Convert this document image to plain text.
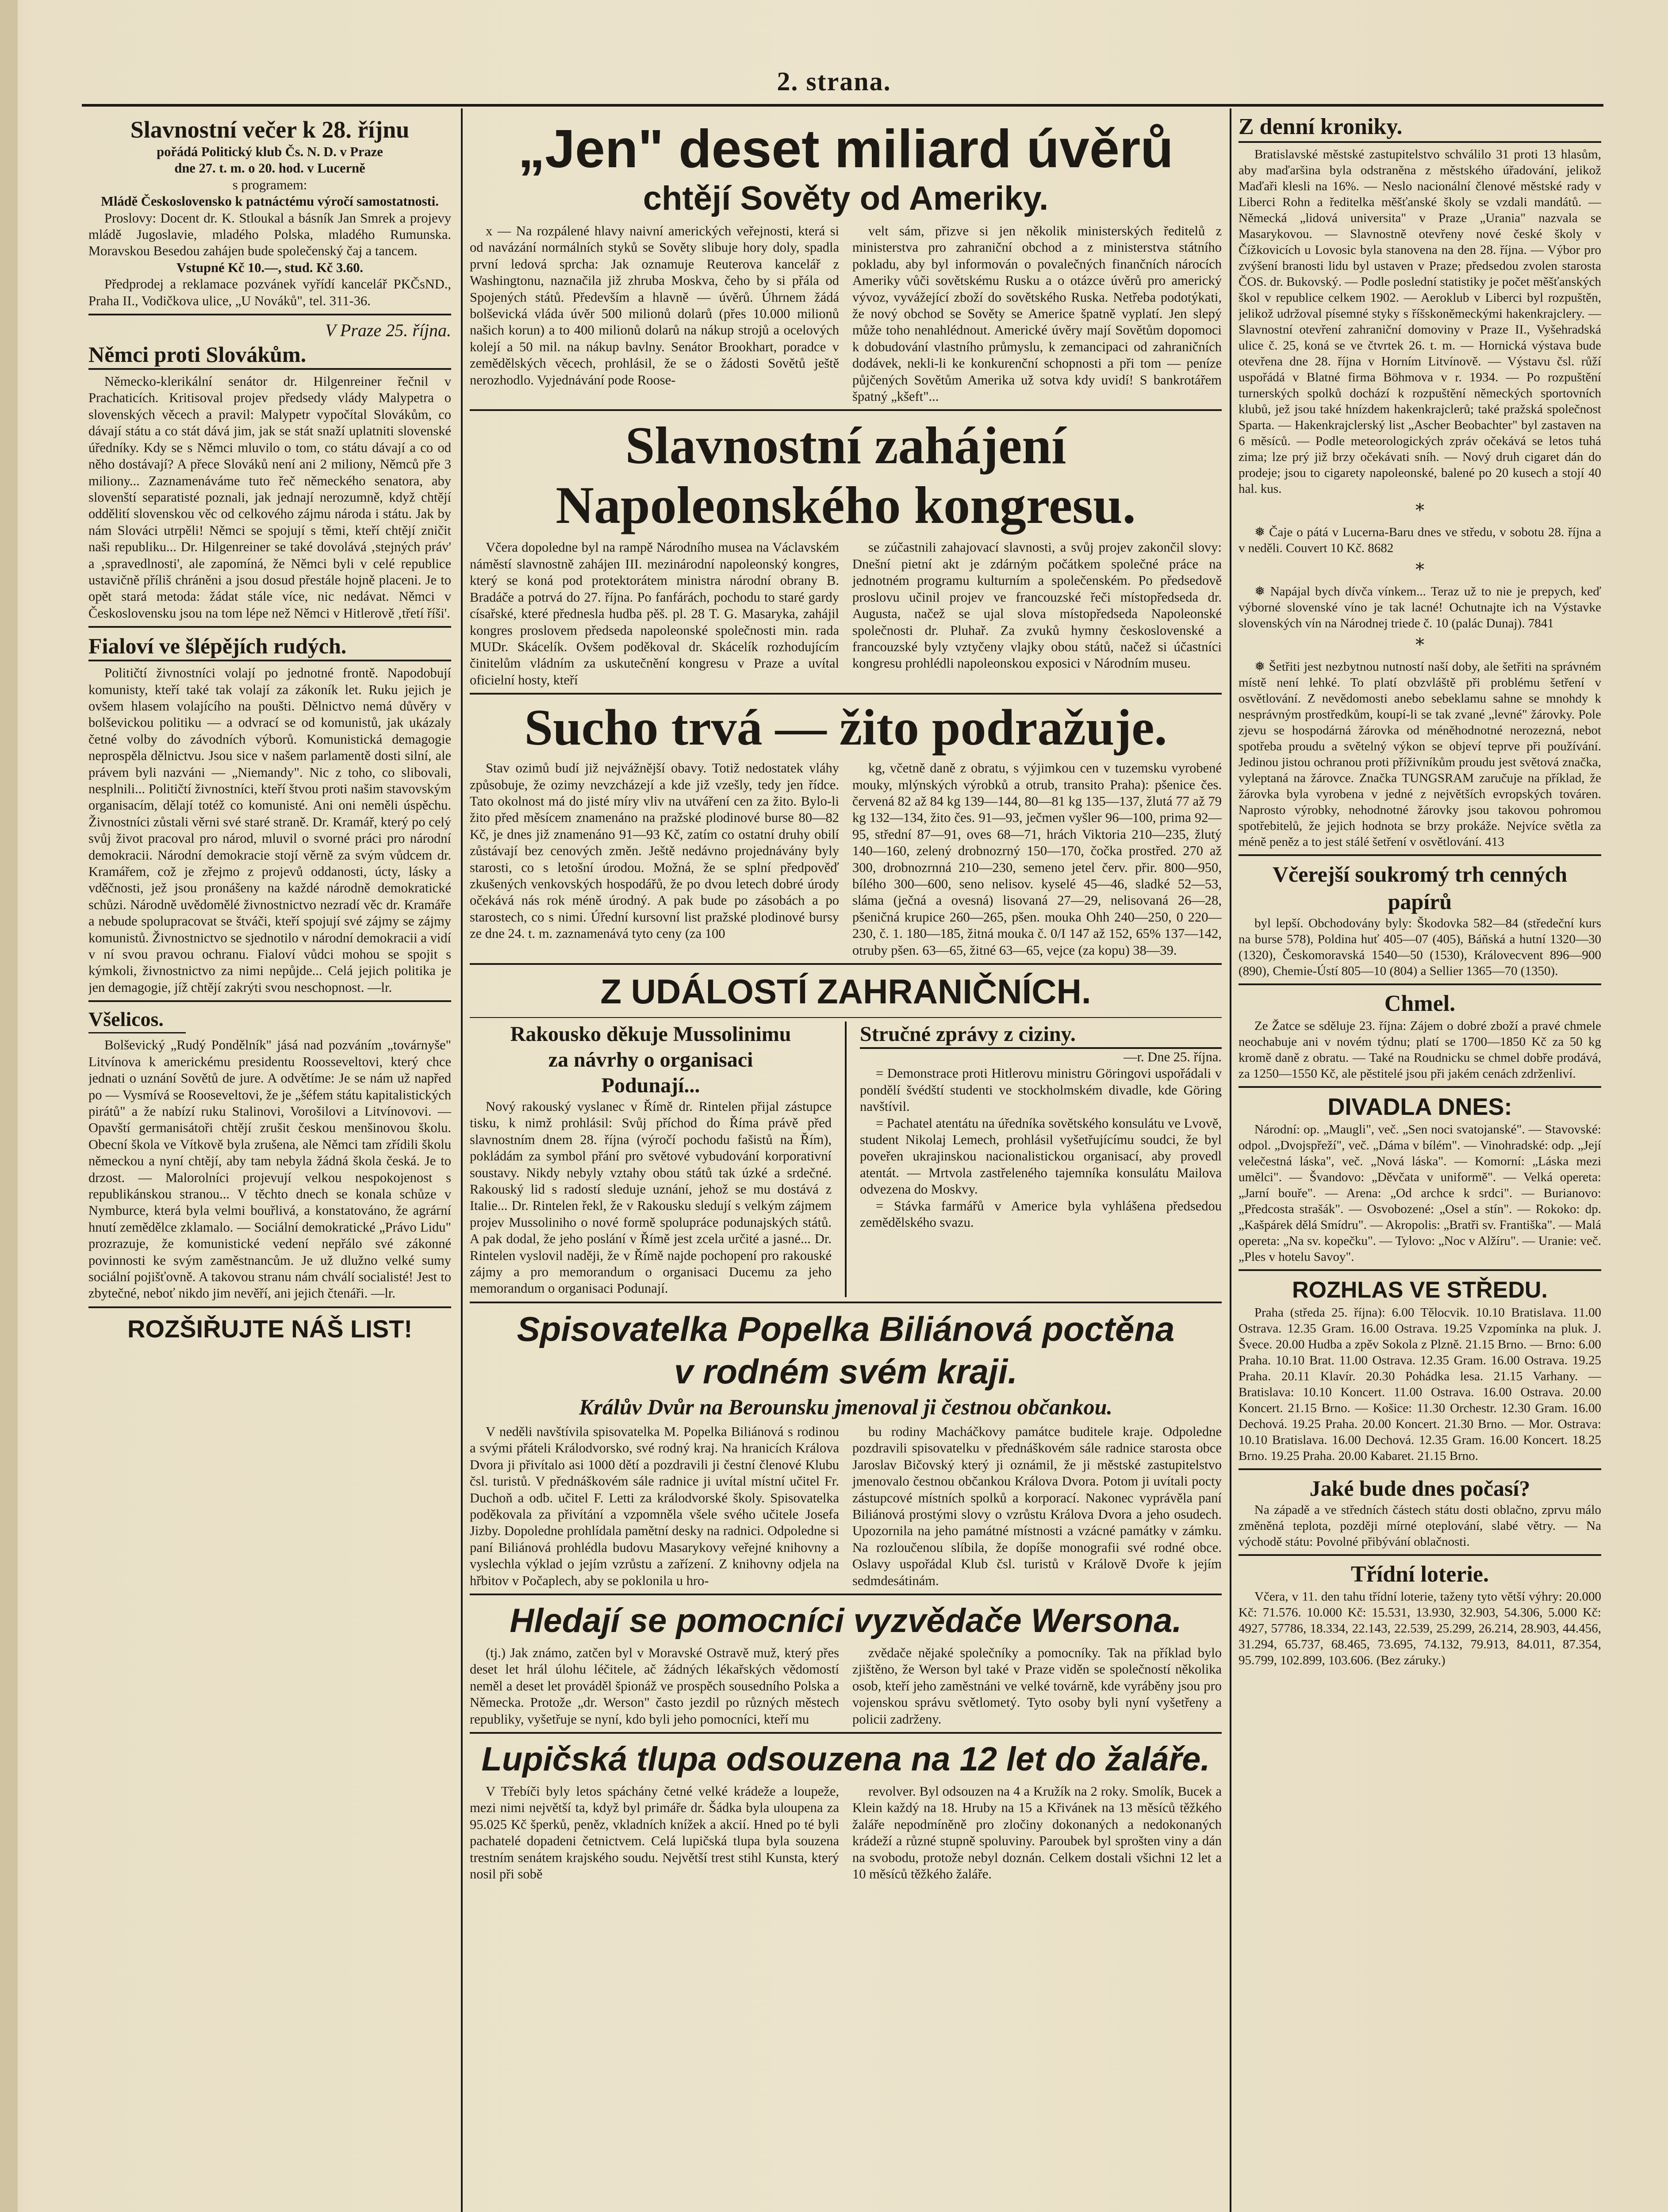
2. strana.
Slavnostní večer k 28. říjnu
pořádá Politický klub Čs. N. D. v Praze
dne 27. t. m. o 20. hod. v Lucerně
s programem:
Mládě Československo k patnáctému výročí samostatnosti.

Proslovy: Docent dr. K. Stloukal a básník Jan Smrek a projevy mládě Jugoslavie, mladého Polska, mladého Rumunska. Moravskou Besedou zahájen bude společenský čaj a tancem.

Vstupné Kč 10.—, stud. Kč 3.60.

Předprodej a reklamace pozvánek vyřídí kancelář PKČsND., Praha II., Vodičkova ulice, „U Nováků", tel. 311-36.

V Praze 25. října.
Němci proti Slovákům.

Německo-klerikální senátor dr. Hilgenreiner řečnil v Prachaticích. Kritisoval projev předsedy vlády Malypetra o slovenských věcech a pravil: Malypetr vypočítal Slovákům, co dávají státu a co stát dává jim, jak se stát snaží uplatniti slovenské úředníky. Kdy se s Němci mluvilo o tom, co státu dávají a co od něho dostávají? A přece Slováků není ani 2 miliony, Němců pře 3 miliony... Zaznamenáváme tuto řeč německého senatora, aby slovenští separatisté poznali, jak jednají nerozumně, když chtějí oddělití slovenskou věc od celkového zájmu národa i státu. Jak by nám Slováci utrpěli! Němci se spojují s těmi, kteří chtějí zničit naši republiku... Dr. Hilgenreiner se také dovolává ‚stejných práv' a ‚spravedlnosti', ale zapomíná, že Němci byli v celé republice ustavičně příliš chráněni a jsou dosud přestále hojně placeni. Je to opět stará metoda: žádat stále více, nic nedávat. Němci v Československu jsou na tom lépe než Němci v Hitlerově ‚třetí říši'.

Fialoví ve šlépějích rudých.

Političtí živnostníci volají po jednotné frontě. Napodobují komunisty, kteří také tak volají za zákoník let. Ruku jejich je ovšem hlasem volajícího na poušti. Dělnictvo nemá důvěry v bolševickou politiku — a odvrací se od komunistů, jak ukázaly četné volby do závodních výborů. Komunistická demagogie neprospěla dělnictvu. Jsou sice v našem parlamentě dosti silní, ale právem byli nazváni — „Niemandy". Nic z toho, co slibovali, nesplnili... Političtí živnostníci, kteří štvou proti našim stavovským organisacím, dělají totéž co komunisté. Ani oni neměli úspěchu. Živnostníci zůstali věrni své staré straně. Dr. Kramář, který po celý svůj život pracoval pro národ, mluvil o svorné práci pro národní demokracii. Národní demokracie stojí věrně za svým vůdcem dr. Kramářem, což je zřejmo z projevů oddanosti, úcty, lásky a vděčnosti, jež jsou pronášeny na každé národně demokratické schůzi. Národně uvědomělé živnostnictvo nezradí věc dr. Kramáře a nebude spolupracovat se štváči, kteří spojují své zájmy se zájmy komunistů. Živnostnictvo se sjednotilo v národní demokracii a vidí v ní svou pravou ochranu. Fialoví vůdci mohou se spojit s kýmkoli, živnostnictvo za nimi nepůjde... Celá jejich politika je jen demagogie, jíž chtějí zakrýti svou neschopnost. —lr.

Všelicos.

Bolševický „Rudý Pondělník" jásá nad pozváním „továrnyše" Litvínova k americkému presidentu Roosseveltovi, který chce jednati o uznání Sovětů de jure. A odvětíme: Je se nám už napřed po — Vysmívá se Rooseveltovi, že je „šéfem státu kapitalistických pirátů" a že nabízí ruku Stalinovi, Vorošilovi a Litvínovovi. — Opavští germanisátoři chtějí zrušit českou menšinovou školu. Obecní škola ve Vítkově byla zrušena, ale Němci tam zřídili školu německou a nyní chtějí, aby tam nebyla žádná škola česká. Je to drzost. — Malorolníci projevují velkou nespokojenost s republikánskou stranou... V těchto dnech se konala schůze v Nymburce, která byla velmi bouřlivá, a konstatováno, že agrární hnutí zemědělce zklamalo. — Sociální demokratické „Právo Lidu" prozrazuje, že komunistické vedení nepřálo své zákonné povinnosti ke svým zaměstnancům. Je už dlužno velké sumy sociální pojišťovně. A takovou stranu nám chválí socialisté! Jest to zbytečné, neboť nikdo jim nevěří, ani jejich čtenáři. —lr.

ROZŠIŘUJTE NÁŠ LIST!
„Jen" deset miliard úvěrů
chtějí Sověty od Ameriky.

x — Na rozpálené hlavy naivní amerických veřejnosti, která si od navázání normálních styků se Sověty slibuje hory doly, spadla první ledová sprcha: Jak oznamuje Reuterova kancelář z Washingtonu, naznačila již zhruba Moskva, čeho by si přála od Spojených států. Především a hlavně — úvěrů. Úhrnem žádá bolševická vláda úvěr 500 milionů dolarů (přes 10.000 milionů našich korun) a to 400 milionů dolarů na nákup strojů a ocelových kolejí a 50 mil. na nákup bavlny. Senátor Brookhart, poradce v zemědělských věcech, prohlásil, že se o žádosti Sovětů ještě nerozhodlo. Vyjednávání pode Roose-

velt sám, přizve si jen několik ministerských ředitelů z ministerstva pro zahraniční obchod a z ministerstva státního pokladu, aby byl informován o povalečných finančních nárocích Ameriky vůči sovětskému Rusku a o otázce úvěrů pro americký vývoz, vyvážející zboží do sovětského Ruska. Netřeba podotýkati, že nový obchod se Sověty se Americe špatně vyplatí. Jen slepý může toho nenahlédnout. Americké úvěry mají Sovětům dopomoci k dobudování vlastního průmyslu, k zemancipaci od zahraničních dodávek, nekli-li ke konkurenční schopnosti a při tom — peníze půjčených Sovětům Amerika už sotva kdy uvidí! S bankrotářem špatný „kšeft"...

Slavnostní zahájení
Napoleonského kongresu.

Včera dopoledne byl na rampě Národního musea na Václavském náměstí slavnostně zahájen III. mezinárodní napoleonský kongres, který se koná pod protektorátem ministra národní obrany B. Bradáče a potrvá do 27. října. Po fanfárách, pochodu to staré gardy císařské, které přednesla hudba pěš. pl. 28 T. G. Masaryka, zahájil kongres proslovem předseda napoleonské společnosti min. rada MUDr. Skácelík. Ovšem poděkoval dr. Skácelík rozhodujícím činitelům vládním za uskutečnění kongresu v Praze a uvítal oficielní hosty, kteří

se zúčastnili zahajovací slavnosti, a svůj projev zakončil slovy: Dnešní pietní akt je zdárným počátkem společné práce na jednotném programu kulturním a společenském. Po předsedově proslovu učinil projev ve francouzské řeči místopředseda dr. Augusta, načež se ujal slova místopředseda Napoleonské společnosti dr. Pluhař. Za zvuků hymny československé a francouzské byly vztyčeny vlajky obou států, načež si účastníci kongresu prohlédli napoleonskou exposici v Národním museu.

Sucho trvá — žito podražuje.

Stav ozimů budí již nejvážnější obavy. Totiž nedostatek vláhy způsobuje, že ozimy nevzcházejí a kde již vzešly, tedy jen řídce. Tato okolnost má do jisté míry vliv na utváření cen za žito. Bylo-li žito před měsícem znamenáno na pražské plodinové burse 80—82 Kč, je dnes již znamenáno 91—93 Kč, zatím co ostatní druhy obilí zůstávají bez cenových změn. Ještě nedávno projednávány byly starosti, co s letošní úrodou. Možná, že se splní předpověď zkušených venkovských hospodářů, že po dvou letech dobré úrody očekává nás rok méně úrodný. A pak bude po zásobách a po starostech, co s nimi. Úřední kursovní list pražské plodinové bursy ze dne 24. t. m. zaznamenává tyto ceny (za 100

kg, včetně daně z obratu, s výjimkou cen v tuzemsku vyrobené mouky, mlýnských výrobků a otrub, transito Praha): pšenice čes. červená 82 až 84 kg 139—144, 80—81 kg 135—137, žlutá 77 až 79 kg 132—134, žito čes. 91—93, ječmen vyšler 96—100, prima 92—95, střední 87—91, oves 68—71, hrách Viktoria 210—235, žlutý 140—160, zelený drobnozrný 150—170, čočka prostřed. 270 až 300, drobnozrnná 210—230, semeno jetel červ. přir. 800—950, bílého 300—600, seno nelisov. kyselé 45—46, sladké 52—53, sláma (ječná a ovesná) lisovaná 27—29, nelisovaná 26—28, pšeničná krupice 260—265, pšen. mouka Ohh 240—250, 0 220—230, č. 1. 180—185, žitná mouka č. 0/I 147 až 152, 65% 137—142, otruby pšen. 63—65, žitné 63—65, vejce (za kopu) 38—39.

Z UDÁLOSTÍ ZAHRANIČNÍCH.
Rakousko děkuje Mussolinimu
za návrhy o organisaci
Podunají...

Nový rakouský vyslanec v Římě dr. Rintelen přijal zástupce tisku, k nimž prohlásil: Svůj příchod do Říma právě před slavnostním dnem 28. října (výročí pochodu fašistů na Řím), pokládám za symbol přání pro světové vybudování korporativní soustavy. Nikdy nebyly vztahy obou států tak úzké a srdečné. Rakouský lid s radostí sleduje uznání, jehož se mu dostává z Italie... Dr. Rintelen řekl, že v Rakousku sledují s velkým zájmem projev Mussoliniho o nové formě spolupráce podunajských států. A pak dodal, že jeho poslání v Římě jest zcela určité a jasné... Dr. Rintelen vyslovil naději, že v Římě najde pochopení pro rakouské zájmy a pro memorandum o organisaci Ducemu za jeho memorandum o organisaci Podunají.

Stručné zprávy z ciziny.
—r. Dne 25. října.

= Demonstrace proti Hitlerovu ministru Göringovi uspořádali v pondělí švédští studenti ve stockholmském divadle, kde Göring navštívil.

= Pachatel atentátu na úředníka sovětského konsulátu ve Lvově, student Nikolaj Lemech, prohlásil vyšetřujícímu soudci, že byl poveřen ukrajinskou nacionalistickou organisací, aby provedl atentát. — Mrtvola zastřeleného tajemníka konsulátu Mailova odvezena do Moskvy.

= Stávka farmářů v Americe byla vyhlášena předsedou zemědělského svazu.

Spisovatelka Popelka Biliánová poctěna
v rodném svém kraji.
Králův Dvůr na Berounsku jmenoval ji čestnou občankou.

V neděli navštívila spisovatelka M. Popelka Biliánová s rodinou a svými přáteli Králodvorsko, své rodný kraj. Na hranicích Králova Dvora ji přivítalo asi 1000 dětí a pozdravili ji čestní členové Klubu čsl. turistů. V přednáškovém sále radnice ji uvítal místní učitel Fr. Duchoň a odb. učitel F. Letti za králodvorské školy. Spisovatelka poděkovala za přivítání a vzpomněla všele svého učitele Josefa Jizby. Dopoledne prohlídala pamětní desky na radnici. Odpoledne si paní Biliánová prohlédla budovu Masarykovy veřejné knihovny a vyslechla výklad o jejím vzrůstu a zařízení. Z knihovny odjela na hřbitov v Počaplech, aby se poklonila u hro-

bu rodiny Macháčkovy památce buditele kraje. Odpoledne pozdravili spisovatelku v přednáškovém sále radnice starosta obce Jaroslav Bičovský který ji oznámil, že ji městské zastupitelstvo jmenovalo čestnou občankou Králova Dvora. Potom ji uvítali pocty zástupcové místních spolků a korporací. Nakonec vyprávěla paní Biliánová prostými slovy o vzrůstu Králova Dvora a jeho osudech. Upozornila na jeho památné místnosti a vzácné památky v zámku. Na rozloučenou slíbila, že dopíše monografii své rodné obce. Oslavy uspořádal Klub čsl. turistů v Králově Dvoře k jejím sedmdesátinám.

Hledají se pomocníci vyzvědače Wersona.

(tj.) Jak známo, zatčen byl v Moravské Ostravě muž, který přes deset let hrál úlohu léčitele, ač žádných lékařských vědomostí neměl a deset let prováděl špionáž ve prospěch sousedního Polska a Německa. Protože „dr. Werson" často jezdil po různých městech republiky, vyšetřuje se nyní, kdo byli jeho pomocníci, kteří mu

zvědače nějaké společníky a pomocníky. Tak na příklad bylo zjištěno, že Werson byl také v Praze viděn se společností několika osob, kteří jeho zaměstnáni ve velké továrně, kde vyráběny jsou pro vojenskou správu světlometý. Tyto osoby byli nyní vyšetřeny a policii zadrženy.

Lupičská tlupa odsouzena na 12 let do žaláře.

V Třebíči byly letos spáchány četné velké krádeže a loupeže, mezi nimi největší ta, když byl primáře dr. Šádka byla uloupena za 95.025 Kč šperků, peněz, vkladních knížek a akcií. Hned po té byli pachatelé dopadeni četnictvem. Celá lupičská tlupa byla souzena trestním senátem krajského soudu. Největší trest stihl Kunsta, který nosil při sobě

revolver. Byl odsouzen na 4 a Kružík na 2 roky. Smolík, Bucek a Klein každý na 18. Hruby na 15 a Křivánek na 13 měsíců těžkého žaláře nepodmíněně pro zločiny dokonaných a nedokonaných krádeží a různé stupně spoluviny. Paroubek byl sprošten viny a dán na svobodu, protože nebyl doznán. Celkem dostali všichni 12 let a 10 měsíců těžkého žaláře.

Z denní kroniky.

Bratislavské městské zastupitelstvo schválilo 31 proti 13 hlasům, aby maďaršina byla odstraněna z městského úřadování, jelikož Maďaři klesli na 16%. — Neslo nacionální členové městské rady v Liberci Rohn a ředitelka měšťanské školy se vzdali mandátů. — Německá „lidová universita" v Praze „Urania" nazvala se Masarykovou. — Slavnostně otevřeny nové české školy v Čížkovicích u Lovosic byla stanovena na den 28. října. — Výbor pro zvýšení branosti lidu byl ustaven v Praze; předsedou zvolen starosta ČOS. dr. Bukovský. — Podle poslední statistiky je počet měšťanských škol v republice celkem 1902. — Aeroklub v Liberci byl rozpuštěn, jelikož udržoval písemné styky s říšskoněmeckými hakenkrajclery. — Slavnostní otevření zahraniční domoviny v Praze II., Vyšehradská ulice č. 25, koná se ve čtvrtek 26. t. m. — Hornická výstava bude otevřena dne 28. října v Horním Litvínově. — Výstavu čsl. růží uspořádá v Blatné firma Böhmova v r. 1934. — Po rozpuštění turnerských spolků dochází k rozpuštění německých sportovních klubů, jež jsou také hnízdem hakenkrajclerů; také pražská společnost Sparta. — Hakenkrajclerský list „Ascher Beobachter" byl zastaven na 6 měsíců. — Podle meteorologických zpráv očekává se letos tuhá zima; lze prý již brzy očekávati sníh. — Nový druh cigaret dán do prodeje; jsou to cigarety napoleonské, balené po 20 kusech a stojí 40 hal. kus.

*

❅ Čaje o pátá v Lucerna-Baru dnes ve středu, v sobotu 28. října a v neděli. Couvert 10 Kč. 8682

*

❅ Napájal bych dívča vínkem... Teraz už to nie je prepych, keď výborné slovenské víno je tak lacné! Ochutnajte ich na Výstavke slovenských vín na Národnej triede č. 10 (palác Dunaj). 7841

*

❅ Šetřiti jest nezbytnou nutností naší doby, ale šetřiti na správném místě není lehké. To platí obzvláště při problému šetření v osvětlování. Z nevědomosti anebo sebeklamu sahne se mnohdy k nesprávným prostředkům, koupí-li se tak zvané „levné" žárovky. Pole zjevu se hospodárná žárovka od méněhodnotné nerozezná, nebot spotřeba proudu a světelný výkon se objeví teprve při používání. Jedinou jistou ochranou proti příživníkům proudu jest světová značka, vyleptaná na žárovce. Značka TUNGSRAM zaručuje na příklad, že žárovka byla vyrobena v jedné z největších evropských továren. Naprosto výrobky, nehodnotné žárovky jsou takovou pohromou spotřebitelů, že jejich hodnota se brzy prokáže. Nejvíce světla za méně peněz a to jest stálé šetření v osvětlování. 413

Včerejší soukromý trh cenných papírů

byl lepší. Obchodovány byly: Škodovka 582—84 (středeční kurs na burse 578), Poldina huť 405—07 (405), Báňská a hutní 1320—30 (1320), Českomoravská 1540—50 (1530), Královecvent 896—900 (890), Chemie-Ústí 805—10 (804) a Sellier 1365—70 (1350).

Chmel.

Ze Žatce se sděluje 23. října: Zájem o dobré zboží a pravé chmele neochabuje ani v novém týdnu; platí se 1700—1850 Kč za 50 kg kromě daně z obratu. — Také na Roudnicku se chmel dobře prodává, za 1250—1550 Kč, ale pěstitelé jsou při jakém cenách zdrženliví.

DIVADLA DNES:

Národní: op. „Maugli", več. „Sen noci svatojanské". — Stavovské: odpol. „Dvojspřeží", več. „Dáma v bílém". — Vinohradské: odp. „Její velečestná láska", več. „Nová láska". — Komorní: „Láska mezi umělci". — Švandovo: „Děvčata v uniformě". — Velká opereta: „Jarní bouře". — Arena: „Od archce k srdci". — Burianovo: „Předcosta strašák". — Osvobozené: „Osel a stín". — Rokoko: dp. „Kašpárek dělá Smídru". — Akropolis: „Bratři sv. Františka". — Malá opereta: „Na sv. kopečku". — Tylovo: „Noc v Alžíru". — Uranie: več. „Ples v hotelu Savoy".

ROZHLAS VE STŘEDU.

Praha (středa 25. října): 6.00 Tělocvik. 10.10 Bratislava. 11.00 Ostrava. 12.35 Gram. 16.00 Ostrava. 19.25 Vzpomínka na pluk. J. Švece. 20.00 Hudba a zpěv Sokola z Plzně. 21.15 Brno. — Brno: 6.00 Praha. 10.10 Brat. 11.00 Ostrava. 12.35 Gram. 16.00 Ostrava. 19.25 Praha. 20.11 Klavír. 20.30 Pohádka lesa. 21.15 Varhany. — Bratislava: 10.10 Koncert. 11.00 Ostrava. 16.00 Ostrava. 20.00 Koncert. 21.15 Brno. — Košice: 11.30 Orchestr. 12.30 Gram. 16.00 Dechová. 19.25 Praha. 20.00 Koncert. 21.30 Brno. — Mor. Ostrava: 10.10 Bratislava. 16.00 Dechová. 12.35 Gram. 16.00 Koncert. 18.25 Brno. 19.25 Praha. 20.00 Kabaret. 21.15 Brno.

Jaké bude dnes počasí?

Na západě a ve středních částech státu dosti oblačno, zprvu málo změněná teplota, později mírné oteplování, slabé větry. — Na východě státu: Povolné přibývání oblačnosti.

Třídní loterie.

Včera, v 11. den tahu třídní loterie, taženy tyto větší výhry: 20.000 Kč: 71.576. 10.000 Kč: 15.531, 13.930, 32.903, 54.306, 5.000 Kč: 4927, 57786, 18.334, 22.143, 22.539, 25.299, 26.214, 28.903, 44.456, 31.294, 65.737, 68.465, 73.695, 74.132, 79.913, 84.011, 87.354, 95.799, 102.899, 103.606. (Bez záruky.)
